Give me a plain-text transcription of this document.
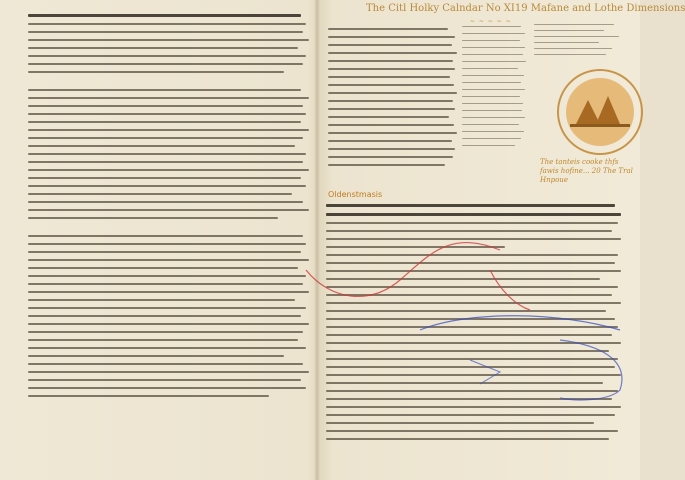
The Citl Holky Calndar No XI19 Mafane and Lothe Dimensions
~ ~ ~ ~ ~
The tanteis cooke thfs fawis hofine... 20 The Tral Hnpoue
Oldenstmasis
